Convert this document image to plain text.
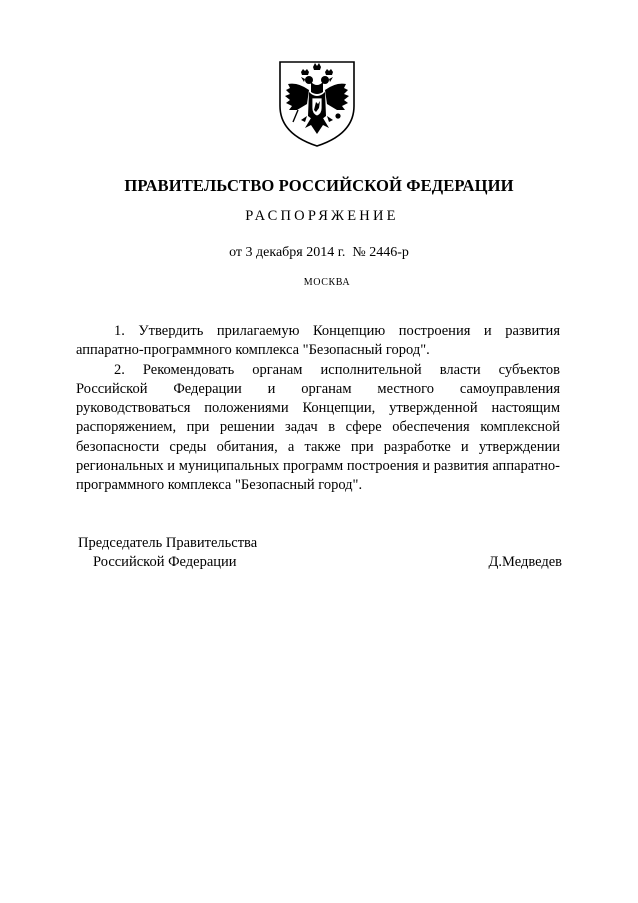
ПРАВИТЕЛЬСТВО РОССИЙСКОЙ ФЕДЕРАЦИИ
РАСПОРЯЖЕНИЕ
от 3 декабря 2014 г.  № 2446-р
МОСКВА

1. Утвердить прилагаемую Концепцию построения и развития аппаратно-программного комплекса "Безопасный город".

2. Рекомендовать органам исполнительной власти субъектов Российской Федерации и органам местного самоуправления руководствоваться положениями Концепции, утвержденной настоящим распоряжением, при решении задач в сфере обеспечения комплексной безопасности среды обитания, а также при разработке и утверждении региональных и муниципальных программ построения и развития аппаратно-программного комплекса "Безопасный город".

Председатель Правительства
Российской Федерации	Д.Медведев
